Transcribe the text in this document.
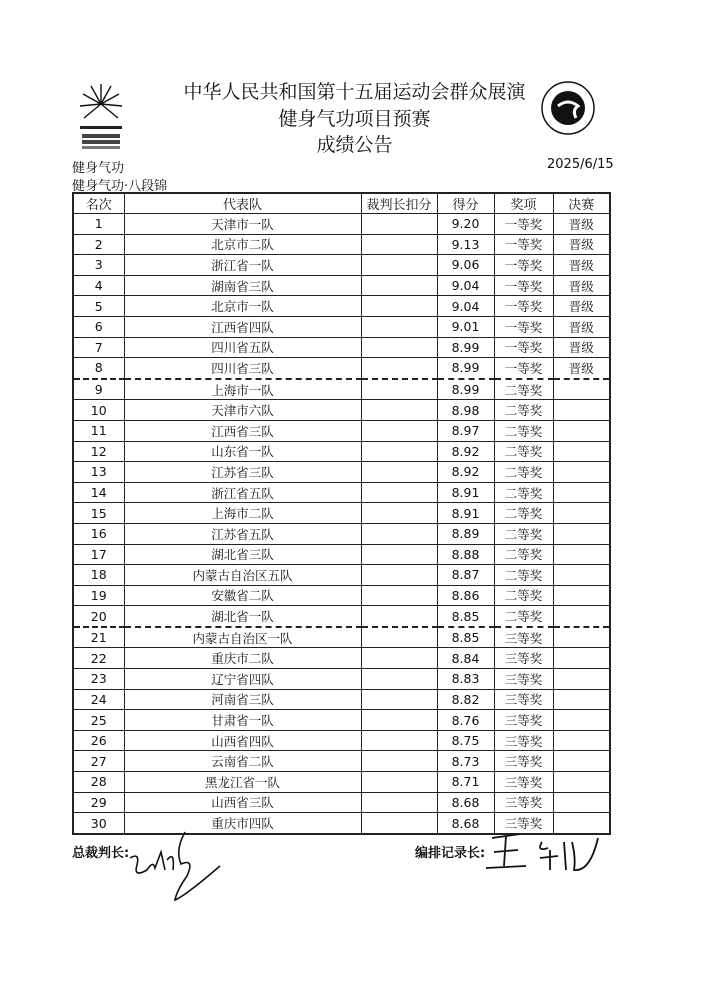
中华人民共和国第十五届运动会群众展演
健身气功项目预赛
成绩公告
健身气功
健身气功·八段锦
2025/6/15
名次	代表队	裁判长扣分	得分	奖项	决赛
1	天津市一队		9.20	一等奖	晋级
2	北京市二队		9.13	一等奖	晋级
3	浙江省一队		9.06	一等奖	晋级
4	湖南省三队		9.04	一等奖	晋级
5	北京市一队		9.04	一等奖	晋级
6	江西省四队		9.01	一等奖	晋级
7	四川省五队		8.99	一等奖	晋级
8	四川省三队		8.99	一等奖	晋级
9	上海市一队		8.99	二等奖	
10	天津市六队		8.98	二等奖	
11	江西省三队		8.97	二等奖	
12	山东省一队		8.92	二等奖	
13	江苏省三队		8.92	二等奖	
14	浙江省五队		8.91	二等奖	
15	上海市二队		8.91	二等奖	
16	江苏省五队		8.89	二等奖	
17	湖北省三队		8.88	二等奖	
18	内蒙古自治区五队		8.87	二等奖	
19	安徽省二队		8.86	二等奖	
20	湖北省一队		8.85	二等奖	
21	内蒙古自治区一队		8.85	三等奖	
22	重庆市二队		8.84	三等奖	
23	辽宁省四队		8.83	三等奖	
24	河南省三队		8.82	三等奖	
25	甘肃省一队		8.76	三等奖	
26	山西省四队		8.75	三等奖	
27	云南省二队		8.73	三等奖	
28	黑龙江省一队		8.71	三等奖	
29	山西省三队		8.68	三等奖	
30	重庆市四队		8.68	三等奖	
总裁判长:	编排记录长:
